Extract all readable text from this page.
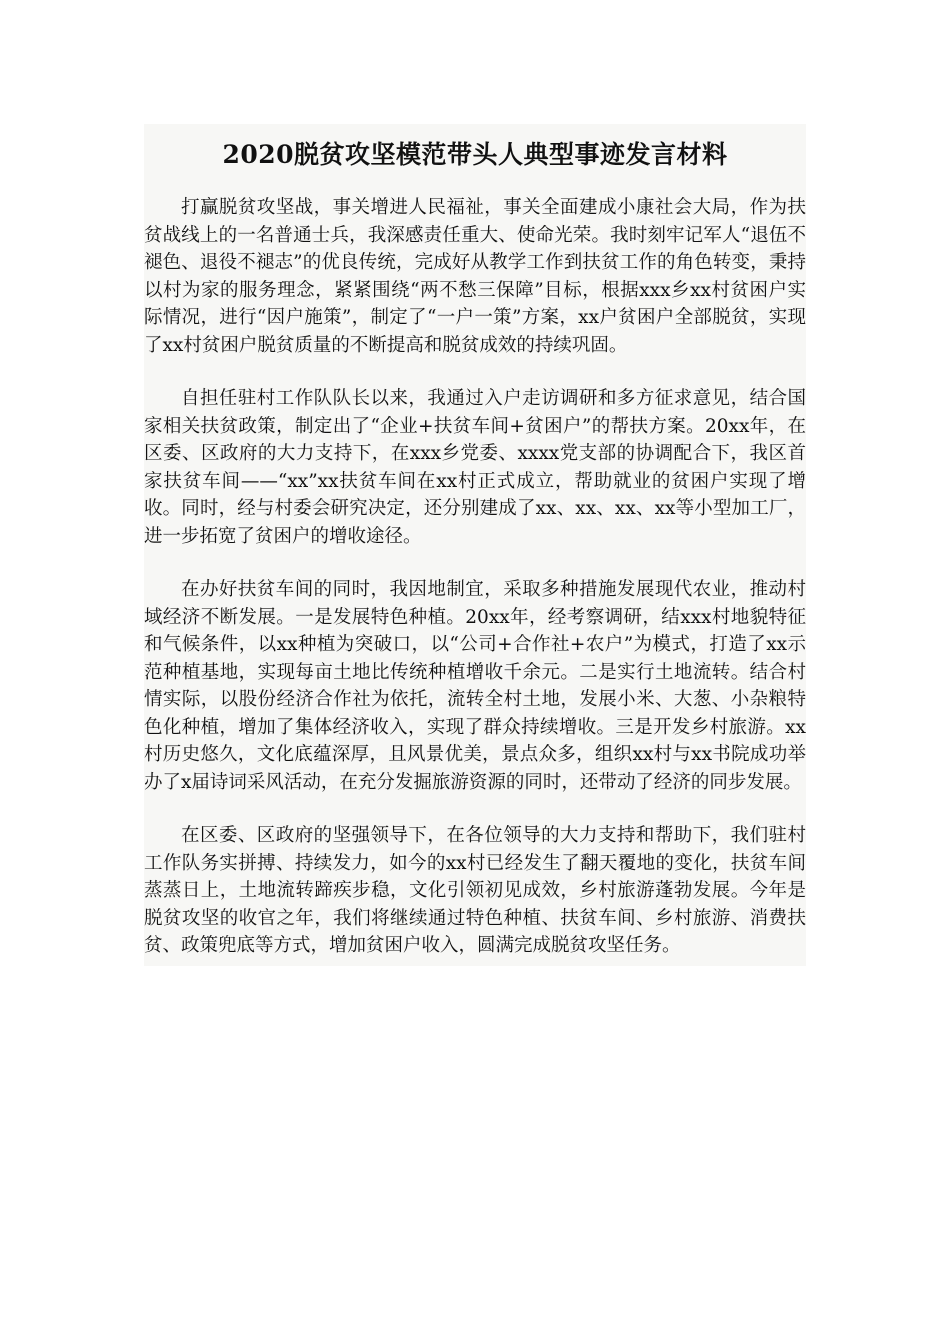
2020脱贫攻坚模范带头人典型事迹发言材料

打赢脱贫攻坚战，事关增进人民福祉，事关全面建成小康社会大局，作为扶贫战线上的一名普通士兵，我深感责任重大、使命光荣。我时刻牢记军人“退伍不褪色、退役不褪志”的优良传统，完成好从教学工作到扶贫工作的角色转变，秉持以村为家的服务理念，紧紧围绕“两不愁三保障”目标，根据xxx乡xx村贫困户实际情况，进行“因户施策”，制定了“一户一策”方案，xx户贫困户全部脱贫，实现了xx村贫困户脱贫质量的不断提高和脱贫成效的持续巩固。

自担任驻村工作队队长以来，我通过入户走访调研和多方征求意见，结合国家相关扶贫政策，制定出了“企业+扶贫车间+贫困户”的帮扶方案。20xx年，在区委、区政府的大力支持下，在xxx乡党委、xxxx党支部的协调配合下，我区首家扶贫车间——“xx”xx扶贫车间在xx村正式成立，帮助就业的贫困户实现了增收。同时，经与村委会研究决定，还分别建成了xx、xx、xx、xx等小型加工厂，进一步拓宽了贫困户的增收途径。

在办好扶贫车间的同时，我因地制宜，采取多种措施发展现代农业，推动村域经济不断发展。一是发展特色种植。20xx年，经考察调研，结xxx村地貌特征和气候条件，以xx种植为突破口，以“公司+合作社+农户”为模式，打造了xx示范种植基地，实现每亩土地比传统种植增收千余元。二是实行土地流转。结合村情实际，以股份经济合作社为依托，流转全村土地，发展小米、大葱、小杂粮特色化种植，增加了集体经济收入，实现了群众持续增收。三是开发乡村旅游。xx村历史悠久，文化底蕴深厚，且风景优美，景点众多，组织xx村与xx书院成功举办了x届诗词采风活动，在充分发掘旅游资源的同时，还带动了经济的同步发展。

在区委、区政府的坚强领导下，在各位领导的大力支持和帮助下，我们驻村工作队务实拼搏、持续发力，如今的xx村已经发生了翻天覆地的变化，扶贫车间蒸蒸日上，土地流转蹄疾步稳，文化引领初见成效，乡村旅游蓬勃发展。今年是脱贫攻坚的收官之年，我们将继续通过特色种植、扶贫车间、乡村旅游、消费扶贫、政策兜底等方式，增加贫困户收入，圆满完成脱贫攻坚任务。
